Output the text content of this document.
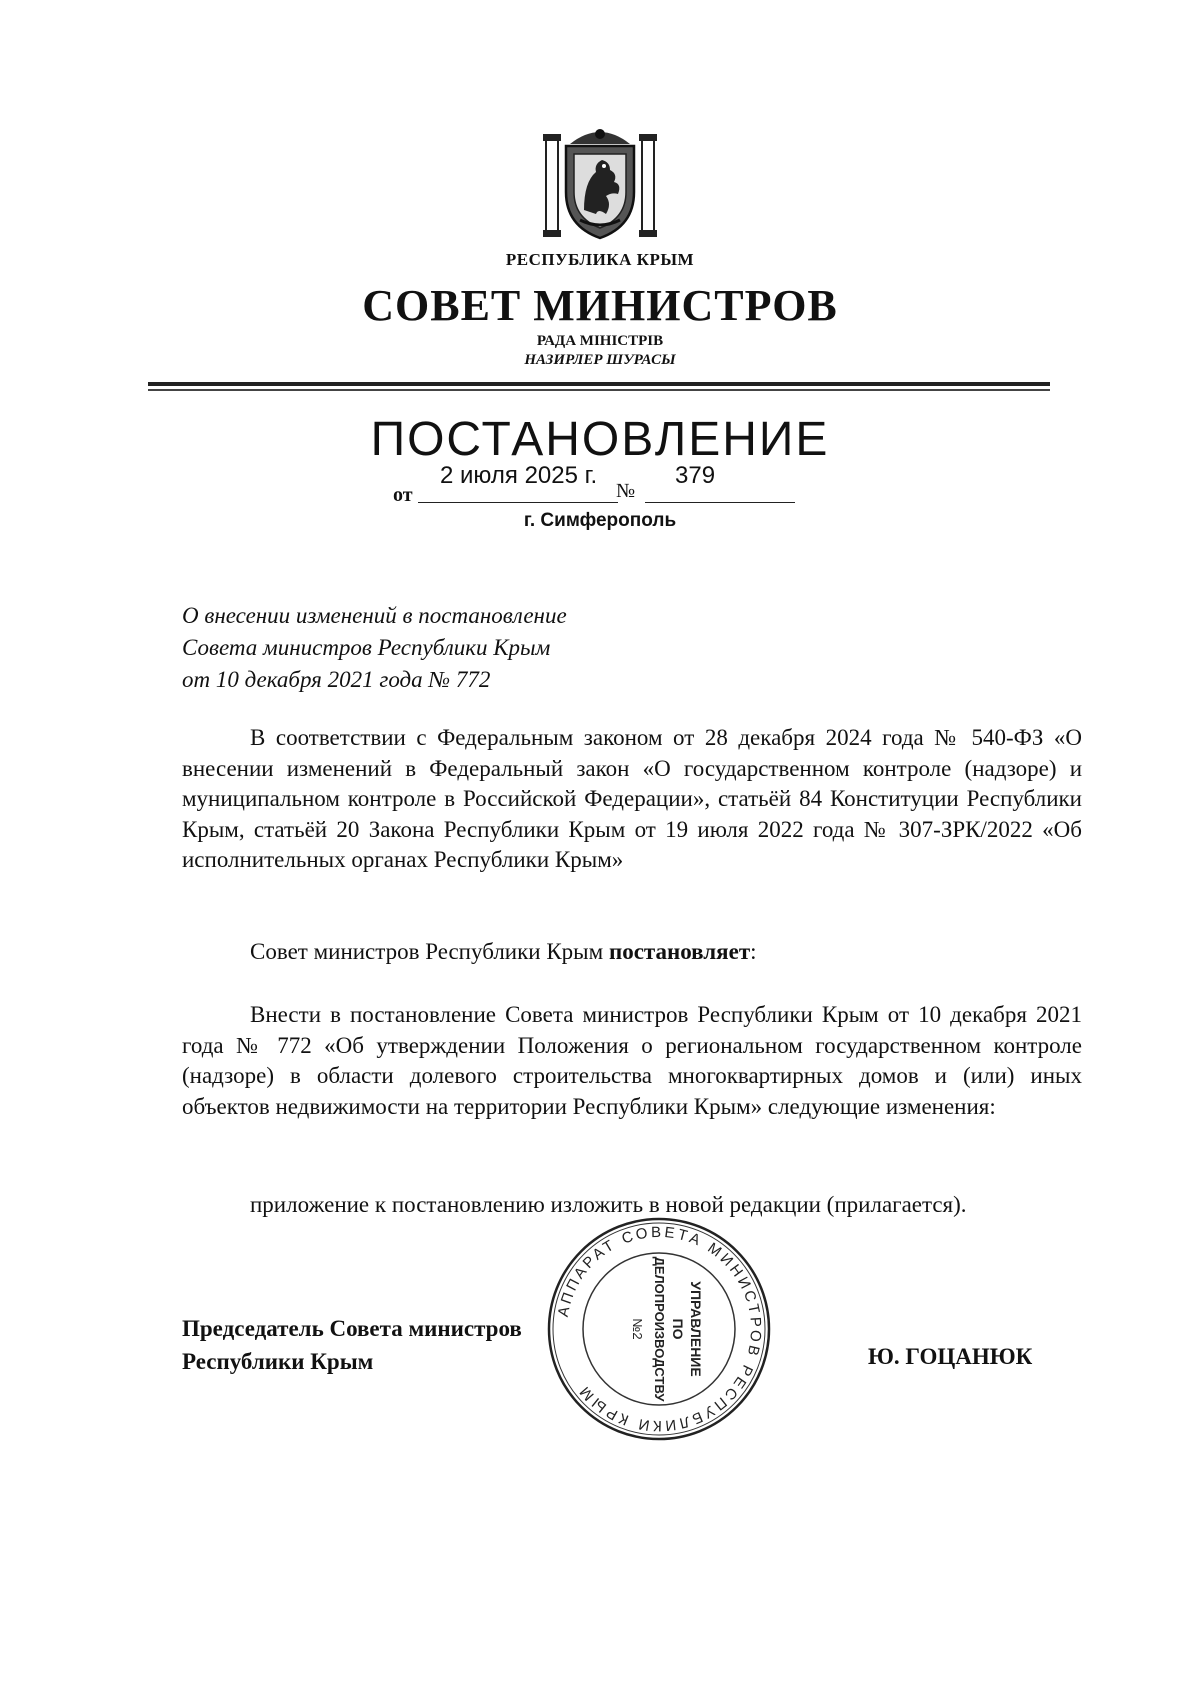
РЕСПУБЛИКА КРЫМ
СОВЕТ МИНИСТРОВ
РАДА МІНІСТРІВ
НАЗИРЛЕР ШУРАСЫ
ПОСТАНОВЛЕНИЕ
от
2 июля 2025 г.
№
379
г. Симферополь
О внесении изменений в постановление
Совета министров Республики Крым
от 10 декабря 2021 года № 772
В соответствии с Федеральным законом от 28 декабря 2024 года № 540-ФЗ «О внесении изменений в Федеральный закон «О государственном контроле (надзоре) и муниципальном контроле в Российской Федерации», статьёй 84 Конституции Республики Крым, статьёй 20 Закона Республики Крым от 19 июля 2022 года № 307-ЗРК/2022 «Об исполнительных органах Республики Крым»
Совет министров Республики Крым постановляет:
Внести в постановление Совета министров Республики Крым от 10 декабря 2021 года № 772 «Об утверждении Положения о региональном государственном контроле (надзоре) в области долевого строительства многоквартирных домов и (или) иных объектов недвижимости на территории Республики Крым» следующие изменения:
приложение к постановлению изложить в новой редакции (прилагается).
Председатель Совета министров
Республики Крым	Ю. ГОЦАНЮК
АППАРАТ СОВЕТА МИНИСТРОВ РЕСПУБЛИКИ КРЫМ
УПРАВЛЕНИЕ
ПО
ДЕЛОПРОИЗВОДСТВУ
№2
